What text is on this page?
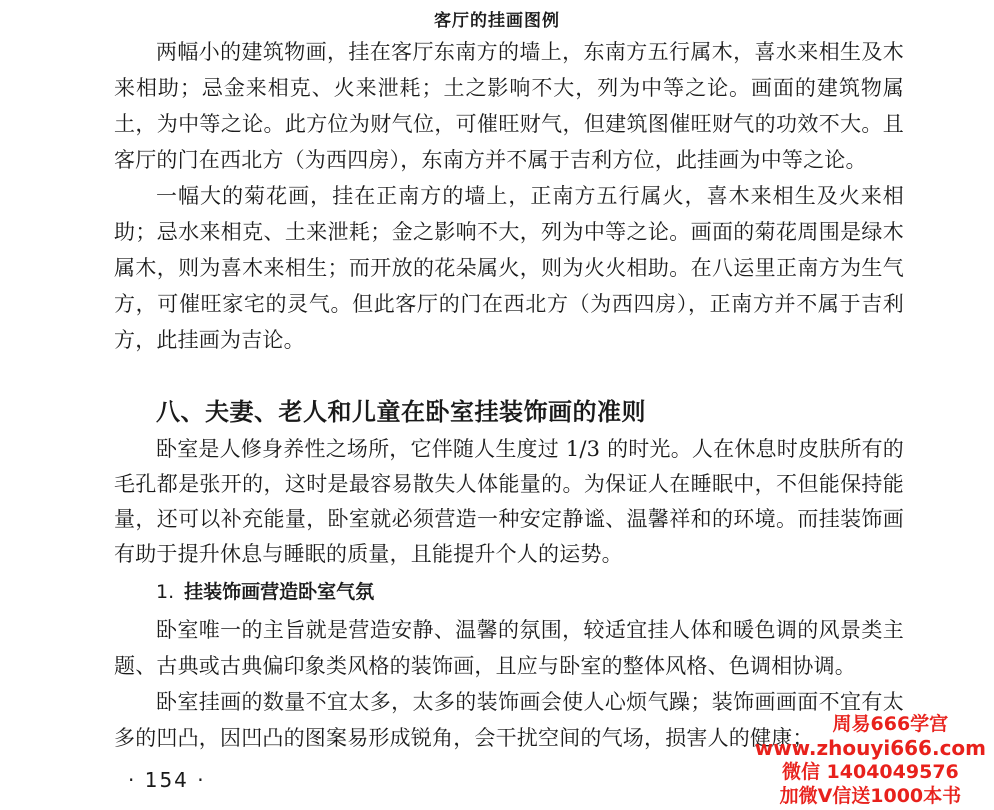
客厅的挂画图例

两幅小的建筑物画，挂在客厅东南方的墙上，东南方五行属木，喜水来相生及木来相助；忌金来相克、火来泄耗；土之影响不大，列为中等之论。画面的建筑物属土，为中等之论。此方位为财气位，可催旺财气，但建筑图催旺财气的功效不大。且客厅的门在西北方（为西四房），东南方并不属于吉利方位，此挂画为中等之论。

一幅大的菊花画，挂在正南方的墙上，正南方五行属火，喜木来相生及火来相助；忌水来相克、土来泄耗；金之影响不大，列为中等之论。画面的菊花周围是绿木属木，则为喜木来相生；而开放的花朵属火，则为火火相助。在八运里正南方为生气方，可催旺家宅的灵气。但此客厅的门在西北方（为西四房），正南方并不属于吉利方，此挂画为吉论。

八、夫妻、老人和儿童在卧室挂装饰画的准则

卧室是人修身养性之场所，它伴随人生度过 1/3 的时光。人在休息时皮肤所有的毛孔都是张开的，这时是最容易散失人体能量的。为保证人在睡眠中，不但能保持能量，还可以补充能量，卧室就必须营造一种安定静谧、温馨祥和的环境。而挂装饰画有助于提升休息与睡眠的质量，且能提升个人的运势。

1. 挂装饰画营造卧室气氛

卧室唯一的主旨就是营造安静、温馨的氛围，较适宜挂人体和暖色调的风景类主题、古典或古典偏印象类风格的装饰画，且应与卧室的整体风格、色调相协调。

卧室挂画的数量不宜太多，太多的装饰画会使人心烦气躁；装饰画画面不宜有太多的凹凸，因凹凸的图案易形成锐角，会干扰空间的气场，损害人的健康；

· 154 ·
周易666学宫
www.zhouyi666.com
微信 1404049576
加微V信送1000本书
